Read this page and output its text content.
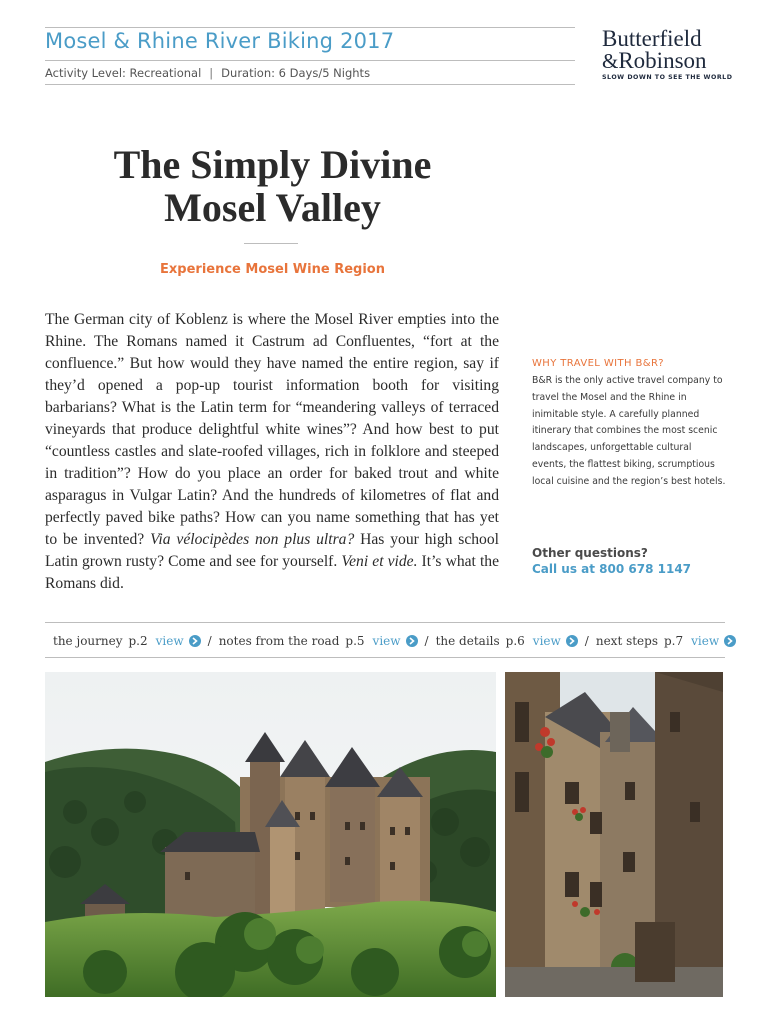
Mosel & Rhine River Biking 2017
Activity Level: Recreational | Duration: 6 Days/5 Nights
Butterfield
&Robinson
SLOW DOWN TO SEE THE WORLD
The Simply Divine
Mosel Valley
Experience Mosel Wine Region

The German city of Koblenz is where the Mosel River empties into the Rhine. The Romans named it Castrum ad Confluentes, “fort at the confluence.” But how would they have named the entire region, say if they’d opened a pop-up tourist information booth for visiting barbarians? What is the Latin term for “meandering valleys of terraced vineyards that produce delightful white wines”? And how best to put “countless castles and slate-roofed villages, rich in folklore and steeped in tradition”? How do you place an order for baked trout and white asparagus in Vulgar Latin? And the hundreds of kilometres of flat and perfectly paved bike paths? How can you name something that has yet to be invented? Via vélocipèdes non plus ultra? Has your high school Latin grown rusty? Come and see for yourself. Veni et vide. It’s what the Romans did.

WHY TRAVEL WITH B&R?

B&R is the only active travel company to travel the Mosel and the Rhine in inimitable style. A carefully planned itinerary that combines the most scenic landscapes, unforgettable cultural events, the flattest biking, scrumptious local cuisine and the region’s best hotels.

Other questions?
Call us at 800 678 1147
the journey p.2 view / notes from the road p.5 view / the details p.6 view / next steps p.7 view
